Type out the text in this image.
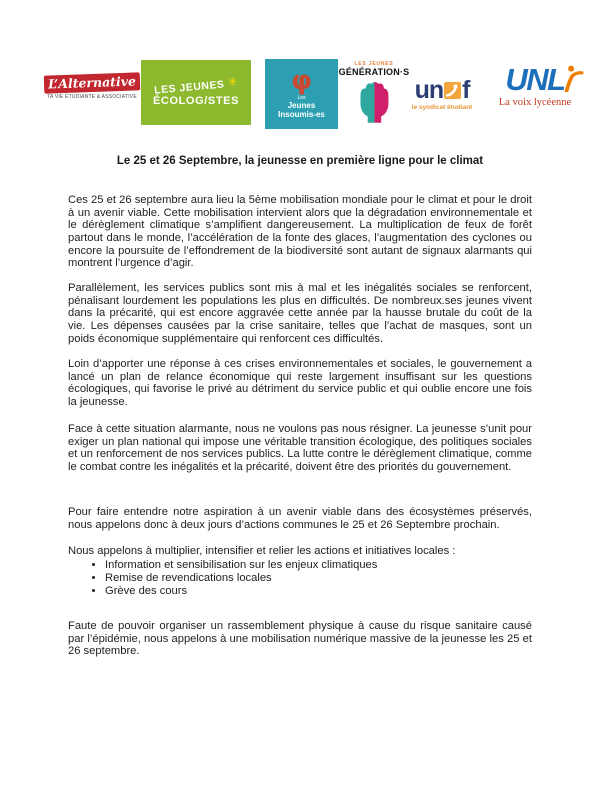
L’Alternative
TA VIE ÉTUDIANTE & ASSOCIATIVE LES JEUNES ✳
ÉCOLOG/STES
φ
Les
Jeunes
Insoumis-es
LES JEUNES
GÉNÉRATION·S
un f
le syndicat étudiant
UNL
La voix lycéenne
Le 25 et 26 Septembre, la jeunesse en première ligne pour le climat

Ces 25 et 26 septembre aura lieu la 5ème mobilisation mondiale pour le climat et pour le droit à un avenir viable. Cette mobilisation intervient alors que la dégradation environnementale et le dérèglement climatique s’amplifient dangereusement. La multiplication de feux de forêt partout dans le monde, l’accélération de la fonte des glaces, l’augmentation des cyclones ou encore la poursuite de l’effondrement de la biodiversité sont autant de signaux alarmants qui montrent l’urgence d’agir.

Parallèlement, les services publics sont mis à mal et les inégalités sociales se renforcent, pénalisant lourdement les populations les plus en difficultés. De nombreux.ses jeunes vivent dans la précarité, qui est encore aggravée cette année par la hausse brutale du coût de la vie. Les dépenses causées par la crise sanitaire, telles que l’achat de masques, sont un poids économique supplémentaire qui renforcent ces difficultés.

Loin d’apporter une réponse à ces crises environnementales et sociales, le gouvernement a lancé un plan de relance économique qui reste largement insuffisant sur les questions écologiques, qui favorise le privé au détriment du service public et qui oublie encore une fois la jeunesse.

Face à cette situation alarmante, nous ne voulons pas nous résigner. La jeunesse s’unit pour exiger un plan national qui impose une véritable transition écologique, des politiques sociales et un renforcement de nos services publics. La lutte contre le dérèglement climatique, comme le combat contre les inégalités et la précarité, doivent être des priorités du gouvernement.

Pour faire entendre notre aspiration à un avenir viable dans des écosystèmes préservés, nous appelons donc à deux jours d’actions communes le 25 et 26 Septembre prochain.

Nous appelons à multiplier, intensifier et relier les actions et initiatives locales :
• Information et sensibilisation sur les enjeux climatiques
• Remise de revendications locales
• Grève des cours

Faute de pouvoir organiser un rassemblement physique à cause du risque sanitaire causé par l’épidémie, nous appelons à une mobilisation numérique massive de la jeunesse les 25 et 26 septembre.
